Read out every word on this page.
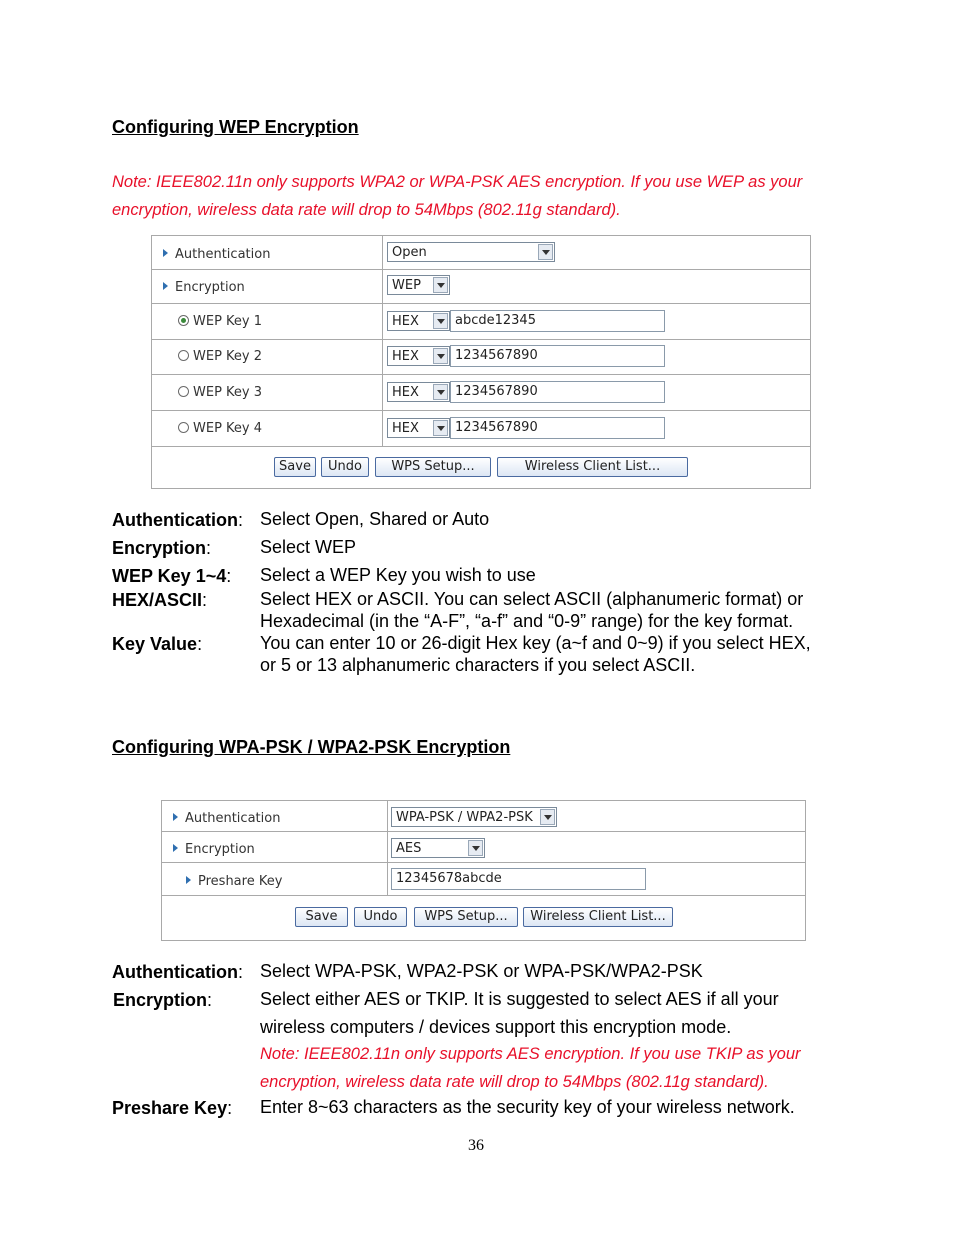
Configuring WEP Encryption
Note: IEEE802.11n only supports WPA2 or WPA-PSK AES encryption. If you use WEP as your
encryption, wireless data rate will drop to 54Mbps (802.11g standard).
Authentication	Open
Encryption	WEP
WEP Key 1	HEX	abcde12345
WEP Key 2	HEX	1234567890
WEP Key 3	HEX	1234567890
WEP Key 4	HEX	1234567890
Save	Undo	WPS Setup...	Wireless Client List...
Authentication: Select Open, Shared or Auto
Encryption:	Select WEP
WEP Key 1~4: Select a WEP Key you wish to use
HEX/ASCII:	Select HEX or ASCII. You can select ASCII (alphanumeric format) or
Hexadecimal (in the “A-F”, “a-f” and “0-9” range) for the key format.
Key Value:	You can enter 10 or 26-digit Hex key (a~f and 0~9) if you select HEX,
or 5 or 13 alphanumeric characters if you select ASCII.
Configuring WPA-PSK / WPA2-PSK Encryption
Authentication	WPA-PSK / WPA2-PSK
Encryption	AES
Preshare Key	12345678abcde
Save	Undo	WPS Setup...	Wireless Client List...
Authentication: Select WPA-PSK, WPA2-PSK or WPA-PSK/WPA2-PSK
Encryption:	Select either AES or TKIP. It is suggested to select AES if all your
wireless computers / devices support this encryption mode.
Note: IEEE802.11n only supports AES encryption. If you use TKIP as your
encryption, wireless data rate will drop to 54Mbps (802.11g standard).
Preshare Key: Enter 8~63 characters as the security key of your wireless network.
36
